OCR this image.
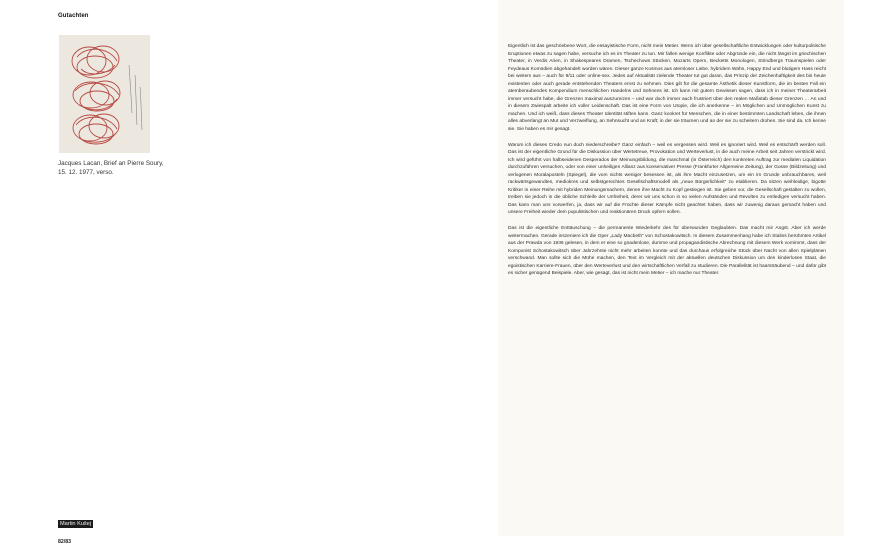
Gutachten
Jacques Lacan, Brief an Pierre Soury,
15. 12. 1977, verso.
Martin Kušej
82/83

Eigentlich ist das geschriebene Wort, die essayistische Form, nicht mein Metier. Wenn ich über gesellschaftliche Entwicklungen oder kulturpolitische Eruptionen etwas zu sagen habe, versuche ich es im Theater zu tun. Mir fallen wenige Konflikte oder Abgründe ein, die nicht längst im griechischen Theater, in Verdis Arien, in Shakespeares Dramen, Tschechows Stücken, Mozarts Opern, Becketts Monologen, Strindbergs Traumspielen oder Feydeaus Komödien abgehandelt worden wären. Dieser ganze Kosmos aus atemloser Liebe, hybridem Wahn, Happy End und blutigem Hass reicht bei weitem aus – auch für 9/11 oder online-sex. Jedes auf Aktualität zielende Theater tut gut daran, das Prinzip der Zeichenhaftigkeit des bis heute existenten oder auch gerade entstehenden Theaters ernst zu nehmen. Dies gilt für die gesamte Ästhetik dieser Kunstform, die im besten Fall ein atemberaubendes Kompendium menschlichen Handelns und Sehnens ist. Ich kann mit gutem Gewissen sagen, dass ich in meiner Theaterarbeit immer versucht habe, die Grenzen maximal auszureizen – und war doch immer auch frustriert über den realen Maßstab dieser Grenzen … An und in diesem Zwiespalt arbeite ich voller Leidenschaft. Das ist eine Form von Utopie, die ich anerkenne – im Möglichen und Unmöglichen Kunst zu machen. Und ich weiß, dass dieses Theater Identität stiften kann. Ganz konkret für Menschen, die in einer bestimmten Landschaft leben, die ihnen alles abverlangt an Mut und Verzweiflung, an Sehnsucht und an Kraft; in der sie träumen und an der sie zu scheitern drohen. Sie sind da. Ich kenne sie. Sie haben es mir gesagt.

Warum ich dieses Credo nun doch niederschreibe? Ganz einfach – weil es vergessen wird. Weil es ignoriert wird. Weil es entschärft werden soll. Das ist der eigentliche Grund für die Diskussion über Wertetreue, Provokation und Werteverlust, in die auch meine Arbeit seit Jahren verstrickt wird. Ich wird geführt von halbseidenen Desperados der Meinungsbildung, die manchmal (in Österreich) den konkreten Auftrag zur medialen Liquidation durchzuführen versuchen, oder von einer unheiligen Allianz aus konservativer Presse (Frankfurter Allgemeine Zeitung), der Gosse (Bildzeitung) und verlogenen Moralaposteln (Spiegel), die vom nichts weniger besessen ist, als ihre Macht einzusetzen, um ein im Grunde unbrauchbares, weil rückwärtsgewandtes, mediokres und selbstgerechtes Gesellschaftsmodell als „neue Bürgerlichkeit“ zu etablieren. Da sitzen weihleidige, bigotte Kritiker in einer Reihe mit hybriden Meinungsmachern, denen ihre Macht zu Kopf gestiegen ist. Sie geben vor, die Gesellschaft gestalten zu wollen, treiben sie jedoch in die übliche Schleife der Unfreiheit, derer wir uns schon in so vielen Aufständen und Revolten zu entledigen versucht haben. Das kann man uns vorwerfen, ja, dass wir auf die Früchte dieser Kämpfe nicht geachtet haben, dass wir zuwenig daraus gemacht haben und unsere Freiheit wieder dem populistischen und reaktionären Druck opfern sollen.

Das ist die eigentliche Enttäuschung – die permanente Wiederkehr des für überwunden Geglaubten. Das macht mir Angst. Aber ich werde weitermachen. Gerade inszeniere ich die Oper „Lady Macbeth“ von Schostakowitsch. In diesem Zusammenhang habe ich Stalins berühmten Artikel aus der Prawda von 1936 gelesen, in dem er eine so gnadenlose, dumme und propagandistische Abrechnung mit diesem Werk vornimmt, dass der Komponist Schostakowitsch über Jahrzehnte nicht mehr arbeiten konnte und das durchaus erfolgreiche Stück über Nacht von allen Spielplänen verschwand. Man sollte sich die Mühe machen, den Text im Vergleich mit der aktuellen deutschen Diskussion um den kinderlosen Staat, die egoistischen Karriere-Frauen, über den Werteverlust und den wirtschaftlichen Verfall zu studieren. Die Parallelität ist haarsträubend – und dafür gibt es sicher genügend Beispiele. Aber, wie gesagt, das ist nicht mein Metier – ich mache nur Theater.
